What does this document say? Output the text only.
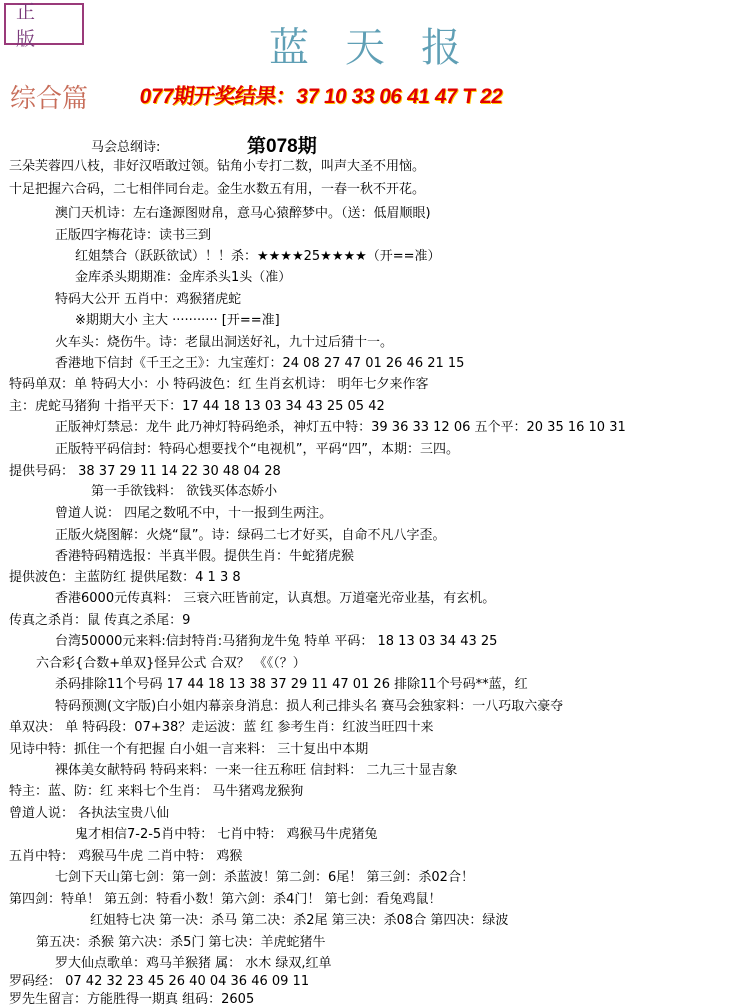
正 版	蓝天报
综合篇 077期开奖结果：37 10 33 06 41 47 T 22
第078期
马会总纲诗:
三朵芙蓉四八枝，非好汉唔敢过领。钻角小专打二数，叫声大圣不用恼。
十足把握六合码，二七相伴同台走。金生水数五有用，一春一秋不开花。
澳门天机诗：左右逢源图财帛，意马心猿醉梦中。（送：低眉顺眼)
正版四字梅花诗：读书三到
红姐禁合（跃跃欲试）！！杀：★★★★25★★★★（开==准）
金库杀头期期准：金库杀头1头（准）
特码大公开 五肖中：鸡猴猪虎蛇
※期期大小 主大 ··········· [开==准]
火车头：烧伤牛。诗：老鼠出洞送好礼，九十过后猜十一。
香港地下信封《千王之王》：九宝莲灯：24 08 27 47 01 26 46 21 15
特码单双：单 特码大小：小 特码波色：红 生肖玄机诗： 明年七夕来作客
主：虎蛇马猪狗 十指平天下：17 44 18 13 03 34 43 25 05 42
正版神灯禁忌：龙牛 此乃神灯特码绝杀，神灯五中特：39 36 33 12 06 五个平：20 35 16 10 31
正版特平码信封：特码心想要找个“电视机”，平码“四”，本期：三四。
提供号码： 38 37 29 11 14 22 30 48 04 28
第一手欲钱料： 欲钱买体态娇小
曾道人说： 四尾之数吼不中，十一报到生两注。
正版火烧图解：火烧“鼠”。诗：绿码二七才好买，自命不凡八字歪。
香港特码精选报：半真半假。提供生肖：牛蛇猪虎猴
提供波色：主蓝防红 提供尾数：4 1 3 8
香港6000元传真料： 三衰六旺皆前定，认真想。万道毫光帝业基，有玄机。
传真之杀肖：鼠 传真之杀尾：9
台湾50000元来料:信封特肖:马猪狗龙牛兔 特单 平码： 18 13 03 34 43 25
六合彩{合数+单双}怪异公式 合双？ 《《（？）
杀码排除11个号码 17 44 18 13 38 37 29 11 47 01 26 排除11个号码**蓝，红
特码预测(文字版)白小姐内幕亲身消息：损人利己排头名 赛马会独家料：一八巧取六豪夺
单双决： 单 特码段：07+38？走运波：蓝 红 参考生肖：红波当旺四十来
见诗中特：抓住一个有把握 白小姐一言来料： 三十复出中本期
裸体美女献特码 特码来料：一来一往五称旺 信封料： 二九三十显吉象
特主：蓝、防：红 来料七个生肖： 马牛猪鸡龙猴狗
曾道人说： 各执法宝贵八仙
鬼才相信7-2-5肖中特： 七肖中特： 鸡猴马牛虎猪兔
五肖中特： 鸡猴马牛虎 二肖中特： 鸡猴
七剑下天山第七剑：第一剑：杀蓝波！第二剑：6尾！ 第三剑：杀02合！
第四剑：特单！ 第五剑：特看小数！第六剑：杀4门！ 第七剑：看兔鸡鼠！
红姐特七决 第一决：杀马 第二决：杀2尾 第三决：杀08合 第四决：绿波
第五决：杀猴 第六决：杀5门 第七决：羊虎蛇猪牛
罗大仙点歌单：鸡马羊猴猪 属： 水木 绿双,红单
罗码经： 07 42 32 23 45 26 40 04 36 46 09 11
罗先生留言：方能胜得一期真 组码：2605
